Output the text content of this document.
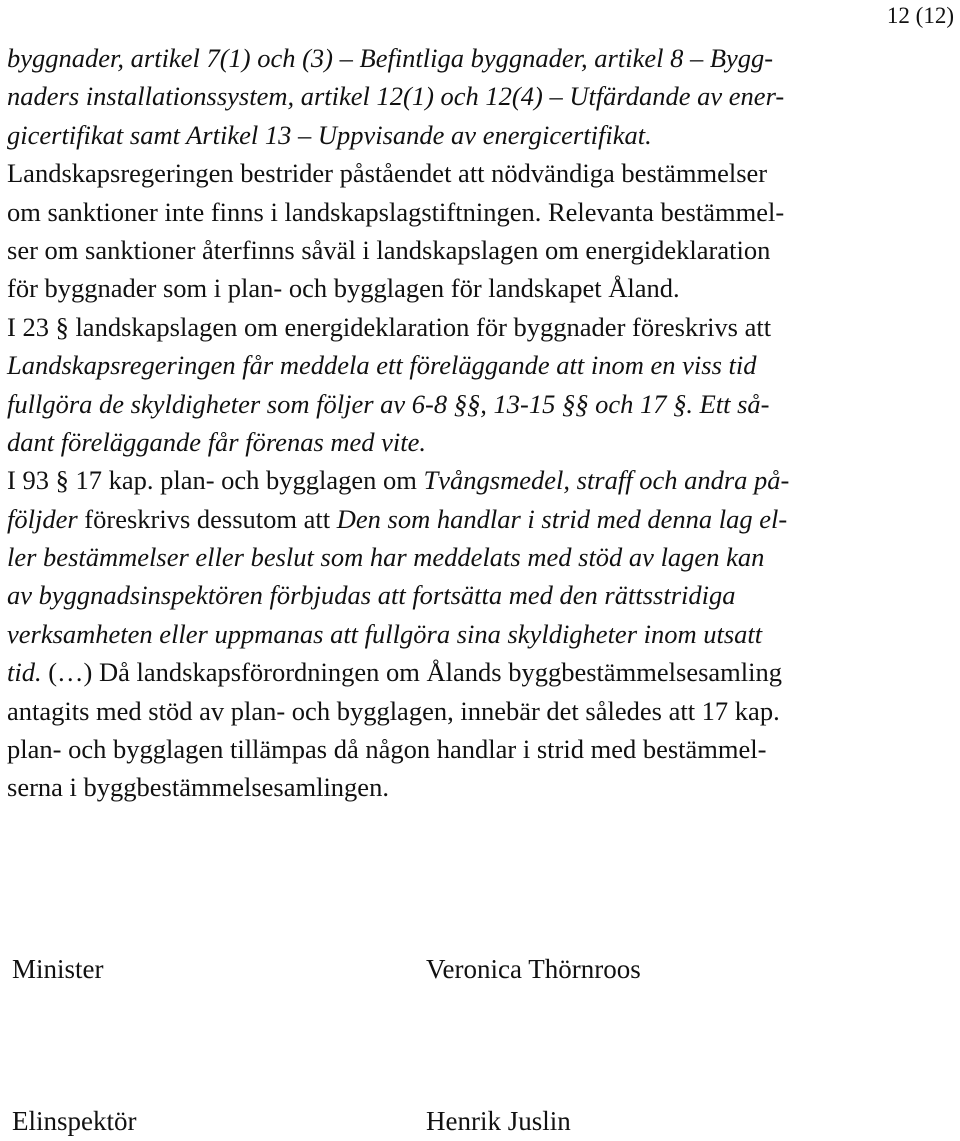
12 (12)
byggnader, artikel 7(1) och (3) – Befintliga byggnader, artikel 8 – Bygg-
naders installationssystem, artikel 12(1) och 12(4) – Utfärdande av ener-
gicertifikat samt Artikel 13 – Uppvisande av energicertifikat.
Landskapsregeringen bestrider påståendet att nödvändiga bestämmelser
om sanktioner inte finns i landskapslagstiftningen. Relevanta bestämmel-
ser om sanktioner återfinns såväl i landskapslagen om energideklaration
för byggnader som i plan- och bygglagen för landskapet Åland.
I 23 § landskapslagen om energideklaration för byggnader föreskrivs att
Landskapsregeringen får meddela ett föreläggande att inom en viss tid
fullgöra de skyldigheter som följer av 6-8 §§, 13-15 §§ och 17 §. Ett så-
dant föreläggande får förenas med vite.
I 93 § 17 kap. plan- och bygglagen om Tvångsmedel, straff och andra på-
följder föreskrivs dessutom att Den som handlar i strid med denna lag el-
ler bestämmelser eller beslut som har meddelats med stöd av lagen kan
av byggnadsinspektören förbjudas att fortsätta med den rättsstridiga
verksamheten eller uppmanas att fullgöra sina skyldigheter inom utsatt
tid. (…) Då landskapsförordningen om Ålands byggbestämmelsesamling
antagits med stöd av plan- och bygglagen, innebär det således att 17 kap.
plan- och bygglagen tillämpas då någon handlar i strid med bestämmel-
serna i byggbestämmelsesamlingen.
Minister	Veronica Thörnroos
Elinspektör	Henrik Juslin
